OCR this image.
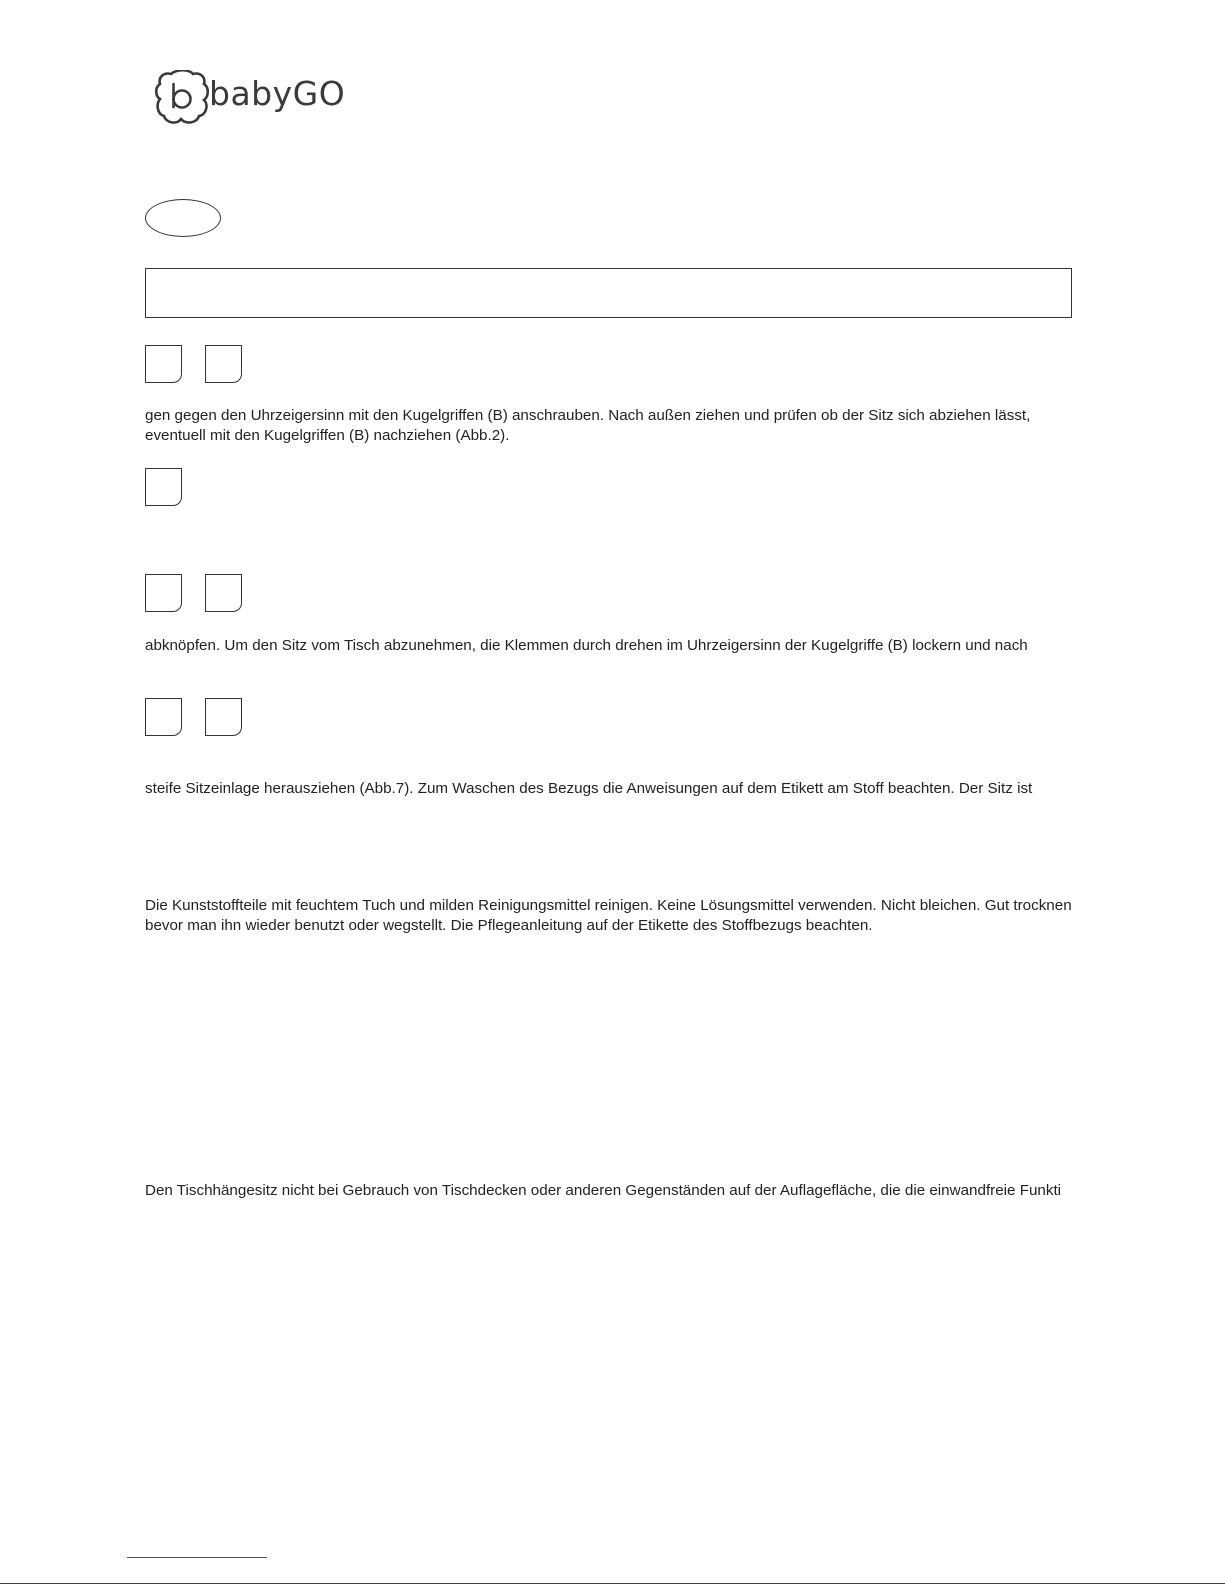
babyGO
gen gegen den Uhrzeigersinn mit den Kugelgriffen (B) anschrauben. Nach außen ziehen und prüfen ob der Sitz sich abziehen lässt,
eventuell mit den Kugelgriffen (B) nachziehen (Abb.2).
abknöpfen. Um den Sitz vom Tisch abzunehmen, die Klemmen durch drehen im Uhrzeigersinn der Kugelgriffe (B) lockern und nach
steife Sitzeinlage herausziehen (Abb.7). Zum Waschen des Bezugs die Anweisungen auf dem Etikett am Stoff beachten. Der Sitz ist
Die Kunststoffteile mit feuchtem Tuch und milden Reinigungsmittel reinigen. Keine Lösungsmittel verwenden. Nicht bleichen. Gut trocknen
bevor man ihn wieder benutzt oder wegstellt. Die Pflegeanleitung auf der Etikette des Stoffbezugs beachten.
Den Tischhängesitz nicht bei Gebrauch von Tischdecken oder anderen Gegenständen auf der Auflagefläche, die die einwandfreie Funkti
